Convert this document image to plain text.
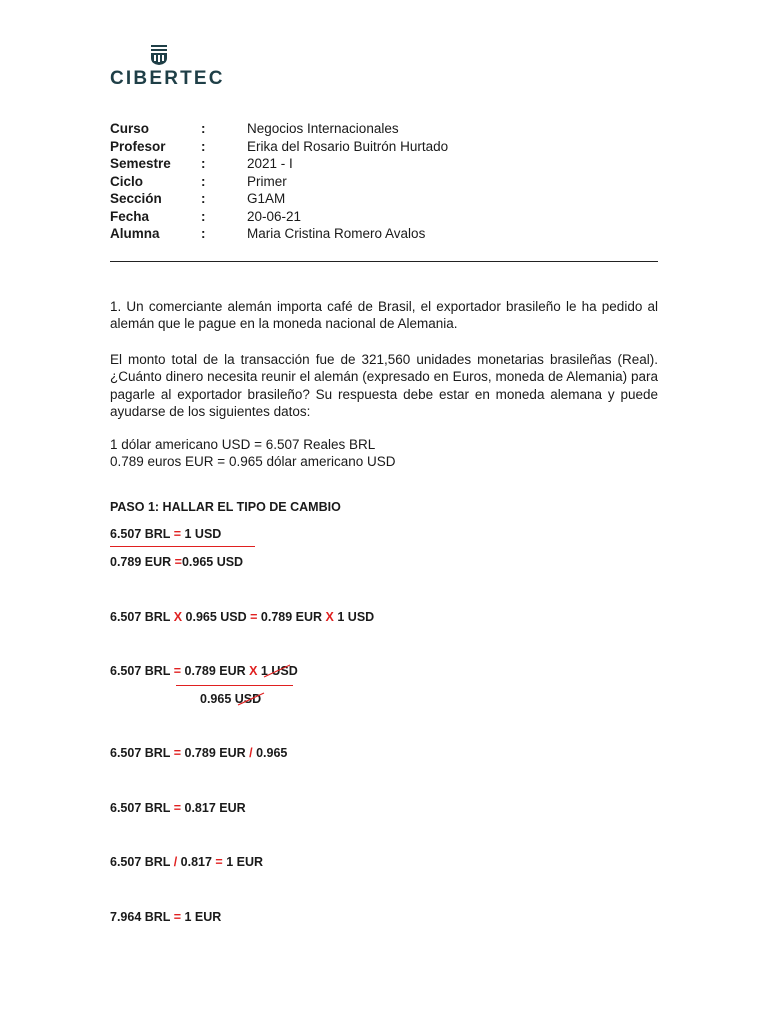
CIBERTEC
Curso	:	Negocios Internacionales
Profesor	:	Erika del Rosario Buitrón Hurtado
Semestre :	2021 - I
Ciclo	:	Primer
Sección	:	G1AM
Fecha	:	20-06-21
Alumna	:	Maria Cristina Romero Avalos
1. Un comerciante alemán importa café de Brasil, el exportador brasileño le ha pedido al alemán que le pague en la moneda nacional de Alemania.
El monto total de la transacción fue de 321,560 unidades monetarias brasileñas (Real). ¿Cuánto dinero necesita reunir el alemán (expresado en Euros, moneda de Alemania) para pagarle al exportador brasileño? Su respuesta debe estar en moneda alemana y puede ayudarse de los siguientes datos:
1 dólar americano USD = 6.507 Reales BRL
0.789 euros EUR = 0.965 dólar americano USD
PASO 1: HALLAR EL TIPO DE CAMBIO
6.507 BRL = 1 USD
0.789 EUR =0.965 USD
6.507 BRL X 0.965 USD = 0.789 EUR X 1 USD
6.507 BRL = 0.789 EUR X 1 USD
0.965 USD
6.507 BRL = 0.789 EUR / 0.965
6.507 BRL = 0.817 EUR
6.507 BRL / 0.817 = 1 EUR
7.964 BRL = 1 EUR
